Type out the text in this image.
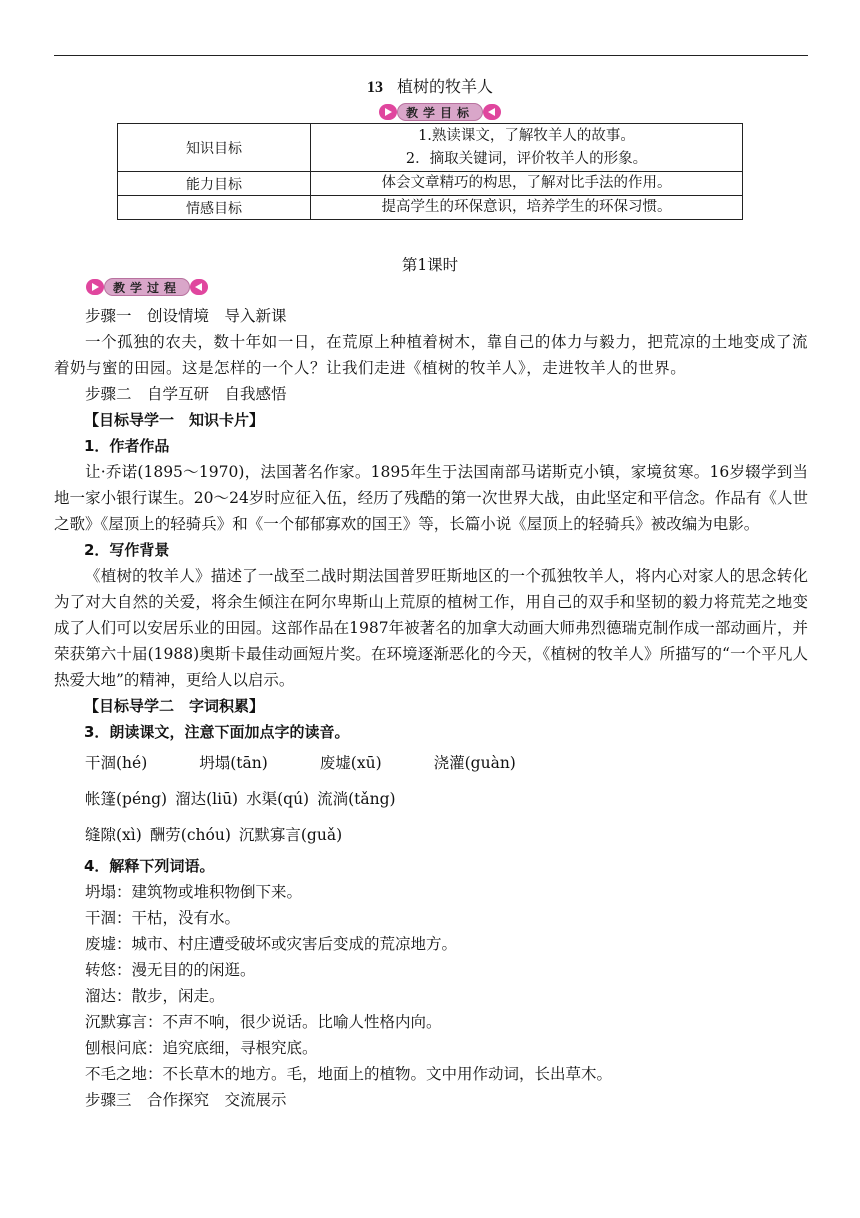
13 植树的牧羊人
教学目标
知识目标	1.熟读课文，了解牧羊人的故事。
2．摘取关键词，评价牧羊人的形象。

能力目标	体会文章精巧的构思，了解对比手法的作用。
情感目标	提高学生的环保意识，培养学生的环保习惯。
第1课时
教学过程

步骤一　创设情境　导入新课

一个孤独的农夫，数十年如一日，在荒原上种植着树木，靠自己的体力与毅力，把荒凉的土地变成了流着奶与蜜的田园。这是怎样的一个人？让我们走进《植树的牧羊人》，走进牧羊人的世界。

步骤二　自学互研　自我感悟

【目标导学一　知识卡片】

1．作者作品

让·乔诺(1895～1970)，法国著名作家。1895年生于法国南部马诺斯克小镇，家境贫寒。16岁辍学到当地一家小银行谋生。20～24岁时应征入伍，经历了残酷的第一次世界大战，由此坚定和平信念。作品有《人世之歌》《屋顶上的轻骑兵》和《一个郁郁寡欢的国王》等，长篇小说《屋顶上的轻骑兵》被改编为电影。

2．写作背景

《植树的牧羊人》描述了一战至二战时期法国普罗旺斯地区的一个孤独牧羊人，将内心对家人的思念转化为了对大自然的关爱，将余生倾注在阿尔卑斯山上荒原的植树工作，用自己的双手和坚韧的毅力将荒芜之地变成了人们可以安居乐业的田园。这部作品在1987年被著名的加拿大动画大师弗烈德瑞克制作成一部动画片，并荣获第六十届(1988)奥斯卡最佳动画短片奖。在环境逐渐恶化的今天，《植树的牧羊人》所描写的“一个平凡人热爱大地”的精神，更给人以启示。

【目标导学二　字词积累】

3．朗读课文，注意下面加点字的读音。

干涸(hé)	坍塌(tān)	废墟(xū)	浇灌(guàn)
帐篷(péng) 溜达(liū) 水渠(qú) 流淌(tǎng)
缝隙(xì) 酬劳(chóu) 沉默寡言(guǎ)

4．解释下列词语。

坍塌：建筑物或堆积物倒下来。

干涸：干枯，没有水。

废墟：城市、村庄遭受破坏或灾害后变成的荒凉地方。

转悠：漫无目的的闲逛。

溜达：散步，闲走。

沉默寡言：不声不响，很少说话。比喻人性格内向。

刨根问底：追究底细，寻根究底。

不毛之地：不长草木的地方。毛，地面上的植物。文中用作动词，长出草木。

步骤三　合作探究　交流展示
